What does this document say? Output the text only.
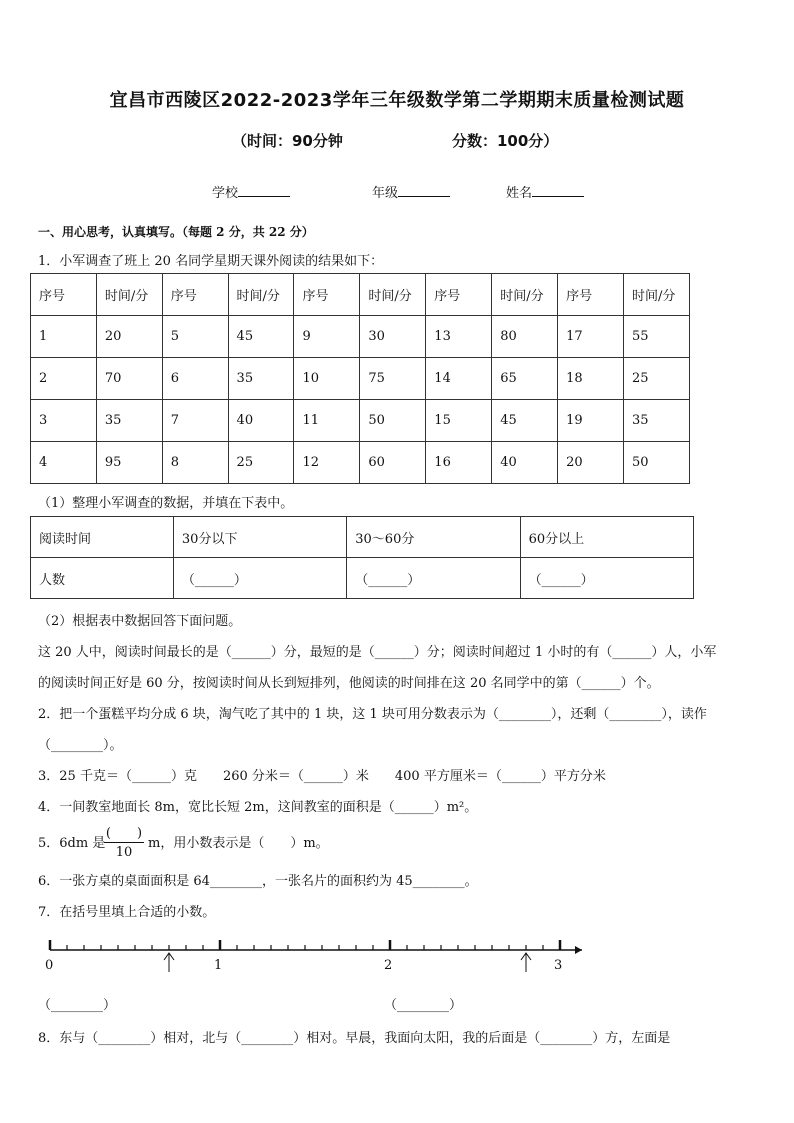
宜昌市西陵区2022-2023学年三年级数学第二学期期末质量检测试题
（时间：90分钟	分数：100分）
学校	年级	姓名
一、用心思考，认真填写。（每题 2 分，共 22 分）
1．小军调查了班上 20 名同学星期天课外阅读的结果如下：
序号	时间/分	序号	时间/分	序号	时间/分	序号	时间/分	序号	时间/分
1	20	5	45	9	30	13	80	17	55
2	70	6	35	10	75	14	65	18	25
3	35	7	40	11	50	15	45	19	35
4	95	8	25	12	60	16	40	20	50
（1）整理小军调查的数据，并填在下表中。
阅读时间	30分以下	30～60分	60分以上
人数	（______）	（______）	（______）
（2）根据表中数据回答下面问题。
这 20 人中，阅读时间最长的是（______）分，最短的是（______）分；阅读时间超过 1 小时的有（______）人，小军
的阅读时间正好是 60 分，按阅读时间从长到短排列，他阅读的时间排在这 20 名同学中的第（______）个。
2．把一个蛋糕平均分成 6 块，淘气吃了其中的 1 块，这 1 块可用分数表示为（________），还剩（________），读作
（________）。
3．25 千克＝（______）克　　260 分米＝（______）米　　400 平方厘米＝（______）平方分米
4．一间教室地面长 8m，宽比长短 2m，这间教室的面积是（______）m²。
5．6dm 是
(　　)
10
m，用小数表示是（　　）m。
6．一张方桌的桌面面积是 64________，一张名片的面积约为 45________。
7．在括号里填上合适的小数。
0	1	2	3
（________）	（________）
8．东与（________）相对，北与（________）相对。早晨，我面向太阳，我的后面是（________）方，左面是
